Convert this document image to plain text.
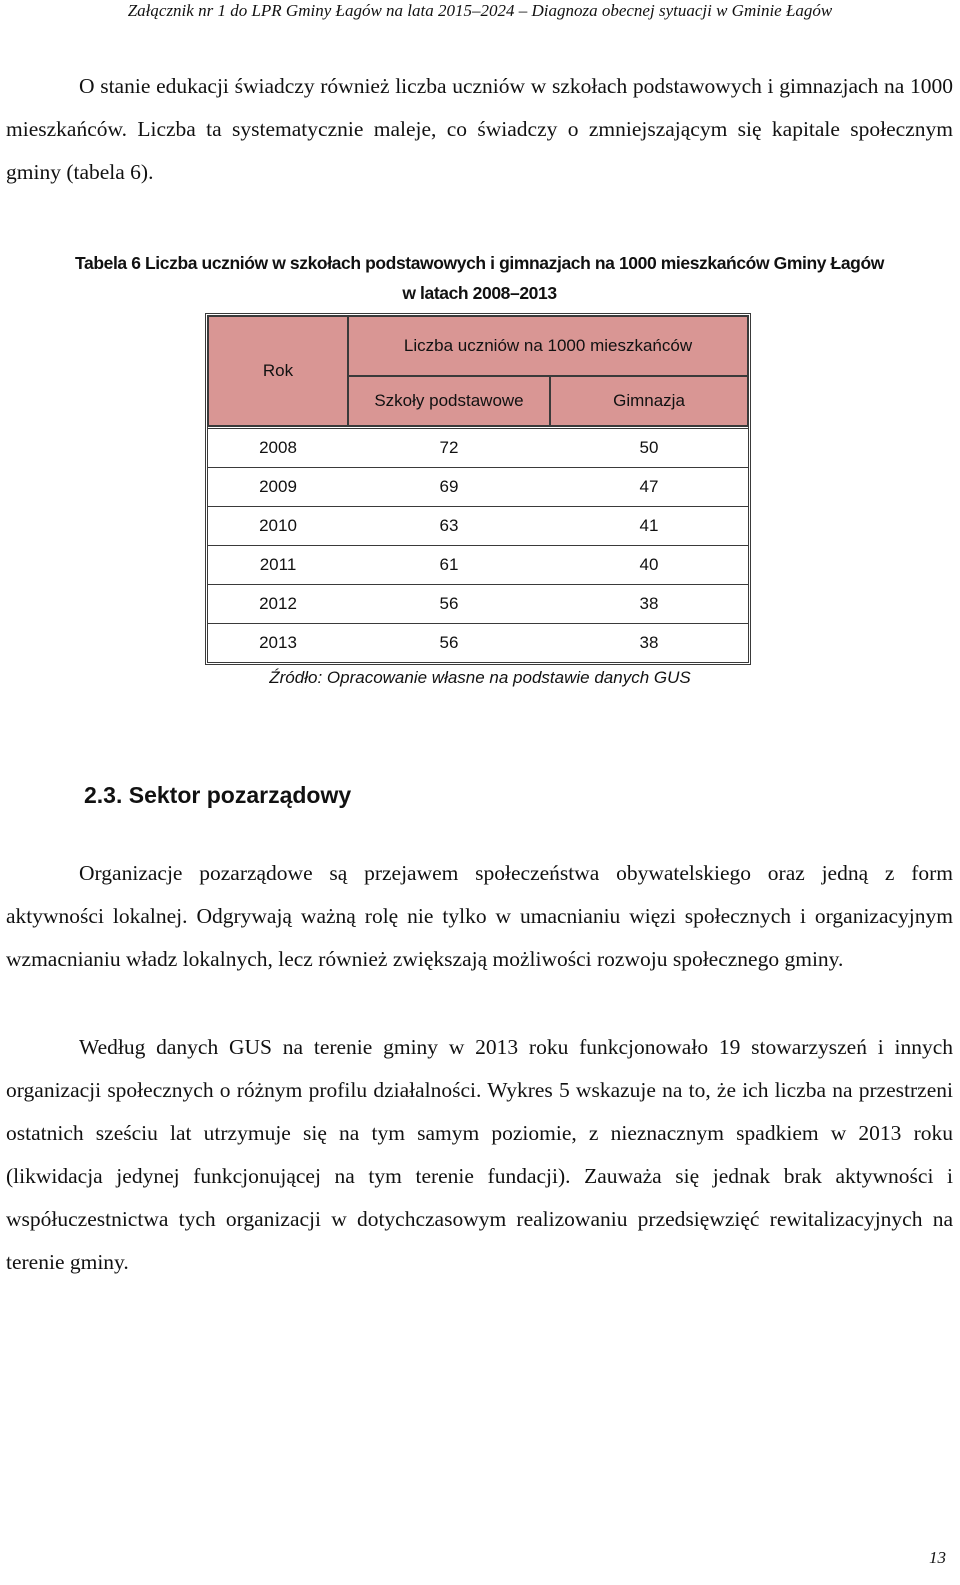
Załącznik nr 1 do LPR Gminy Łagów na lata 2015–2024 – Diagnoza obecnej sytuacji w Gminie Łagów

O stanie edukacji świadczy również liczba uczniów w szkołach podstawowych i gimnazjach na 1000 mieszkańców. Liczba ta systematycznie maleje, co świadczy o zmniejszającym się kapitale społecznym gminy (tabela 6).

Tabela 6 Liczba uczniów w szkołach podstawowych i gimnazjach na 1000 mieszkańców Gminy Łagów
w latach 2008–2013
Rok	Liczba uczniów na 1000 mieszkańców	
	Szkoły podstawowe	Gimnazja
2008	72	50
2009	69	47
2010	63	41
2011	61	40
2012	56	38
2013	56	38
Źródło: Opracowanie własne na podstawie danych GUS
2.3. Sektor pozarządowy

Organizacje pozarządowe są przejawem społeczeństwa obywatelskiego oraz jedną z form aktywności lokalnej. Odgrywają ważną rolę nie tylko w umacnianiu więzi społecznych i organizacyjnym wzmacnianiu władz lokalnych, lecz również zwiększają możliwości rozwoju społecznego gminy.

Według danych GUS na terenie gminy w 2013 roku funkcjonowało 19 stowarzyszeń i innych organizacji społecznych o różnym profilu działalności. Wykres 5 wskazuje na to, że ich liczba na przestrzeni ostatnich sześciu lat utrzymuje się na tym samym poziomie, z nieznacznym spadkiem w 2013 roku (likwidacja jedynej funkcjonującej na tym terenie fundacji). Zauważa się jednak brak aktywności i współuczestnictwa tych organizacji w dotychczasowym realizowaniu przedsięwzięć rewitalizacyjnych na terenie gminy.

13
